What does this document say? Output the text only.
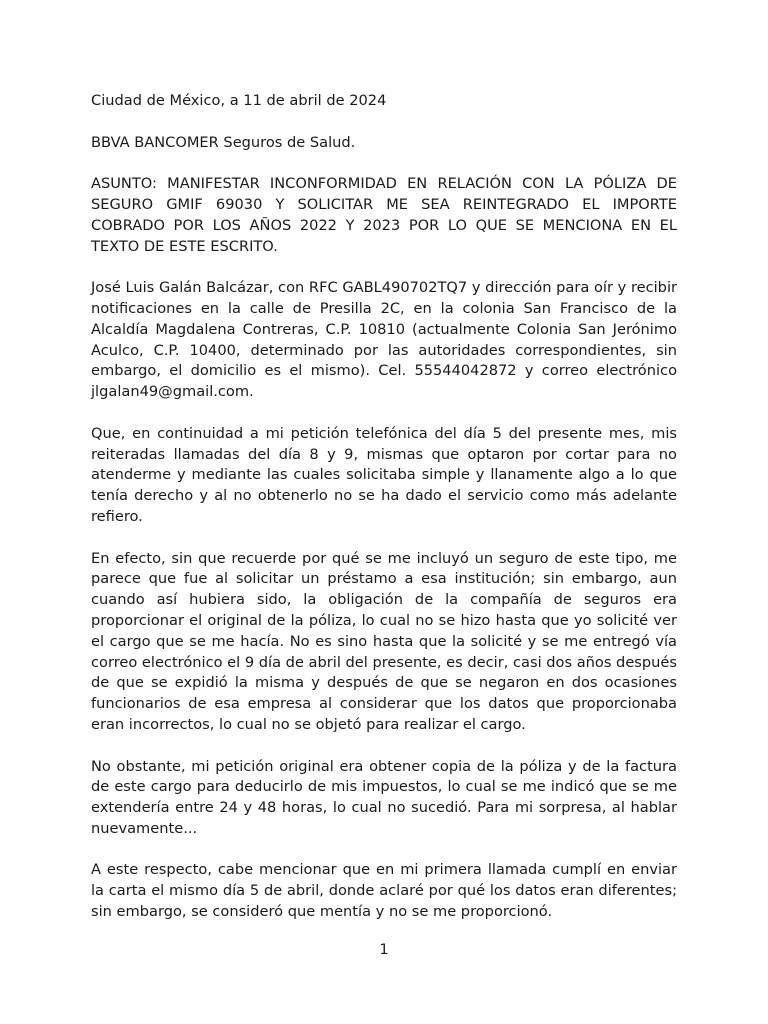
Ciudad de México, a 11 de abril de 2024

BBVA BANCOMER Seguros de Salud.

ASUNTO: MANIFESTAR INCONFORMIDAD EN RELACIÓN CON LA PÓLIZA DE SEGURO GMIF 69030 Y SOLICITAR ME SEA REINTEGRADO EL IMPORTE COBRADO POR LOS AÑOS 2022 Y 2023 POR LO QUE SE MENCIONA EN EL TEXTO DE ESTE ESCRITO.

José Luis Galán Balcázar, con RFC GABL490702TQ7 y dirección para oír y recibir notificaciones en la calle de Presilla 2C, en la colonia San Francisco de la Alcaldía Magdalena Contreras, C.P. 10810 (actualmente Colonia San Jerónimo Aculco, C.P. 10400, determinado por las autoridades correspondientes, sin embargo, el domicilio es el mismo). Cel. 55544042872 y correo electrónico jlgalan49@gmail.com.

Que, en continuidad a mi petición telefónica del día 5 del presente mes, mis reiteradas llamadas del día 8 y 9, mismas que optaron por cortar para no atenderme y mediante las cuales solicitaba simple y llanamente algo a lo que tenía derecho y al no obtenerlo no se ha dado el servicio como más adelante refiero.

En efecto, sin que recuerde por qué se me incluyó un seguro de este tipo, me parece que fue al solicitar un préstamo a esa institución; sin embargo, aun cuando así hubiera sido, la obligación de la compañía de seguros era proporcionar el original de la póliza, lo cual no se hizo hasta que yo solicité ver el cargo que se me hacía. No es sino hasta que la solicité y se me entregó vía correo electrónico el 9 día de abril del presente, es decir, casi dos años después de que se expidió la misma y después de que se negaron en dos ocasiones funcionarios de esa empresa al considerar que los datos que proporcionaba eran incorrectos, lo cual no se objetó para realizar el cargo.

No obstante, mi petición original era obtener copia de la póliza y de la factura de este cargo para deducirlo de mis impuestos, lo cual se me indicó que se me extendería entre 24 y 48 horas, lo cual no sucedió. Para mi sorpresa, al hablar nuevamente...

A este respecto, cabe mencionar que en mi primera llamada cumplí en enviar la carta el mismo día 5 de abril, donde aclaré por qué los datos eran diferentes; sin embargo, se consideró que mentía y no se me proporcionó.

1
